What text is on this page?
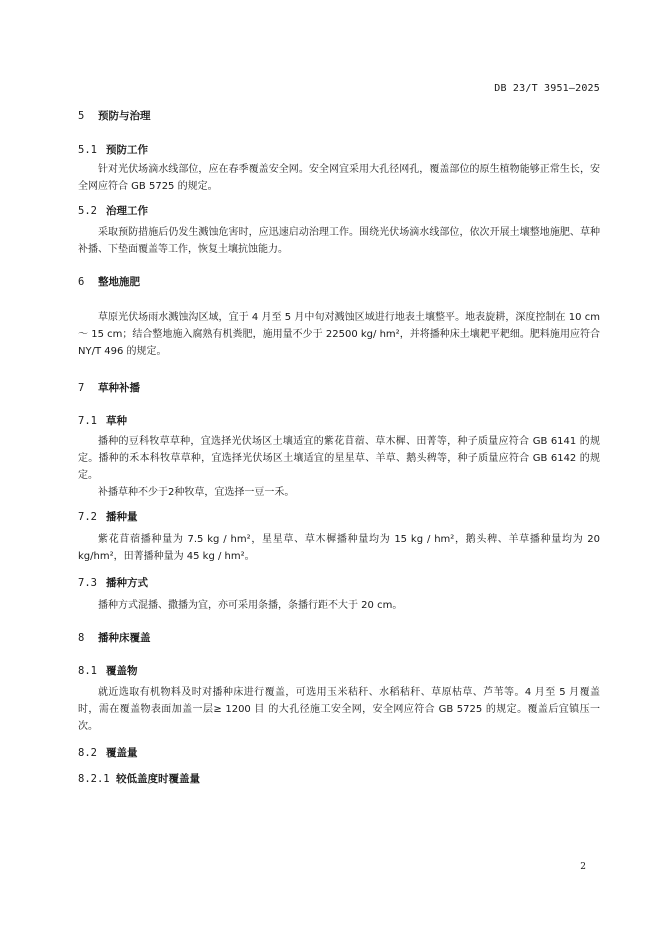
DB 23/T 3951—2025
5 预防与治理
5.1 预防工作

针对光伏场滴水线部位，应在春季覆盖安全网。安全网宜采用大孔径网孔，覆盖部位的原生植物能够正常生长，安全网应符合 GB 5725 的规定。

5.2 治理工作

采取预防措施后仍发生溅蚀危害时，应迅速启动治理工作。围绕光伏场滴水线部位，依次开展土壤整地施肥、草种补播、下垫面覆盖等工作，恢复土壤抗蚀能力。

6 整地施肥

草原光伏场雨水溅蚀沟区域，宜于 4 月至 5 月中旬对溅蚀区域进行地表土壤整平。地表旋耕，深度控制在 10 cm ～ 15 cm；结合整地施入腐熟有机粪肥，施用量不少于 22500 kg/ hm²，并将播种床土壤耙平耙细。肥料施用应符合 NY/T 496 的规定。

7 草种补播
7.1 草种

播种的豆科牧草草种，宜选择光伏场区土壤适宜的紫花苜蓿、草木樨、田菁等，种子质量应符合 GB 6141 的规定。播种的禾本科牧草草种，宜选择光伏场区土壤适宜的星星草、羊草、鹅头稗等，种子质量应符合 GB 6142 的规定。

补播草种不少于2种牧草，宜选择一豆一禾。

7.2 播种量

紫花苜蓿播种量为 7.5 kg / hm²，星星草、草木樨播种量均为 15 kg / hm²，鹅头稗、羊草播种量均为 20 kg/hm²，田菁播种量为 45 kg / hm²。

7.3 播种方式

播种方式混播、撒播为宜，亦可采用条播，条播行距不大于 20 cm。

8 播种床覆盖
8.1 覆盖物

就近选取有机物料及时对播种床进行覆盖，可选用玉米秸秆、水稻秸秆、草原枯草、芦苇等。4 月至 5 月覆盖时，需在覆盖物表面加盖一层≥ 1200 目 的大孔径施工安全网，安全网应符合 GB 5725 的规定。覆盖后宜镇压一次。

8.2 覆盖量
8.2.1 较低盖度时覆盖量
2
